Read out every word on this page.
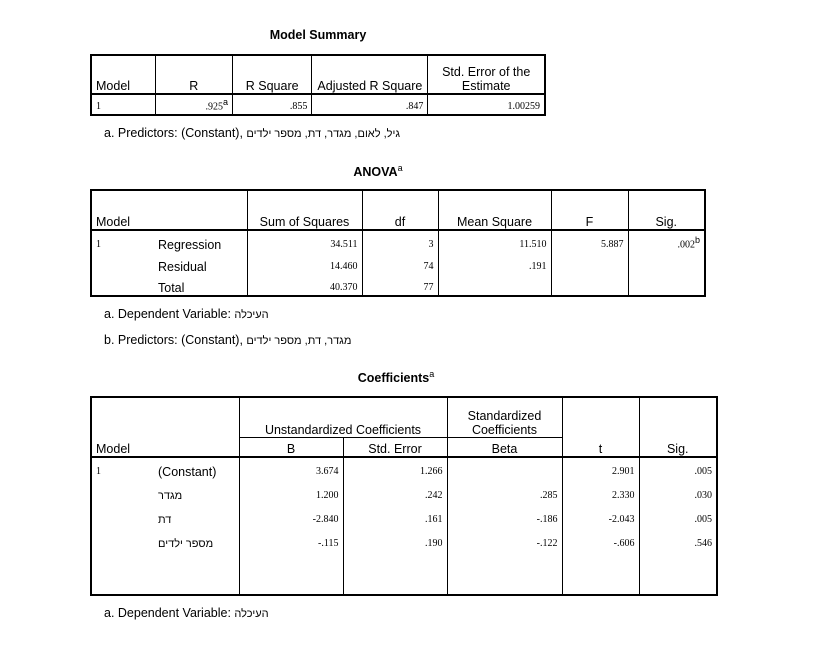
Model Summary
Model	R	R Square	Adjusted R Square	Std. Error of the Estimate
1	.925$^a$	.855	.847	1.00259
a. Predictors: (Constant), גיל, לאום, מגדר, דת, מספר ילדים
ANOVA$^a$
Model		Sum of Squares	df	Mean Square	F	Sig.
1	Regression	34.511	3	11.510	5.887	.002$^b$
	Residual	14.460	74	.191		
	Total	40.370	77			
a. Dependent Variable: העיכלה
b. Predictors: (Constant), מגדר, דת, מספר ילדים
Coefficients$^a$
		Unstandardized Coefficients		Standardized Coefficients		
Model		B	Std. Error	Beta	t	Sig.
1	(Constant)	3.674	1.266		2.901	.005
	מגדר	1.200	.242	.285	2.330	.030
	דת	-2.840	.161	-.186	-2.043	.005
	מספר ילדים	-.115	.190	-.122	-.606	.546

a. Dependent Variable: העיכלה
